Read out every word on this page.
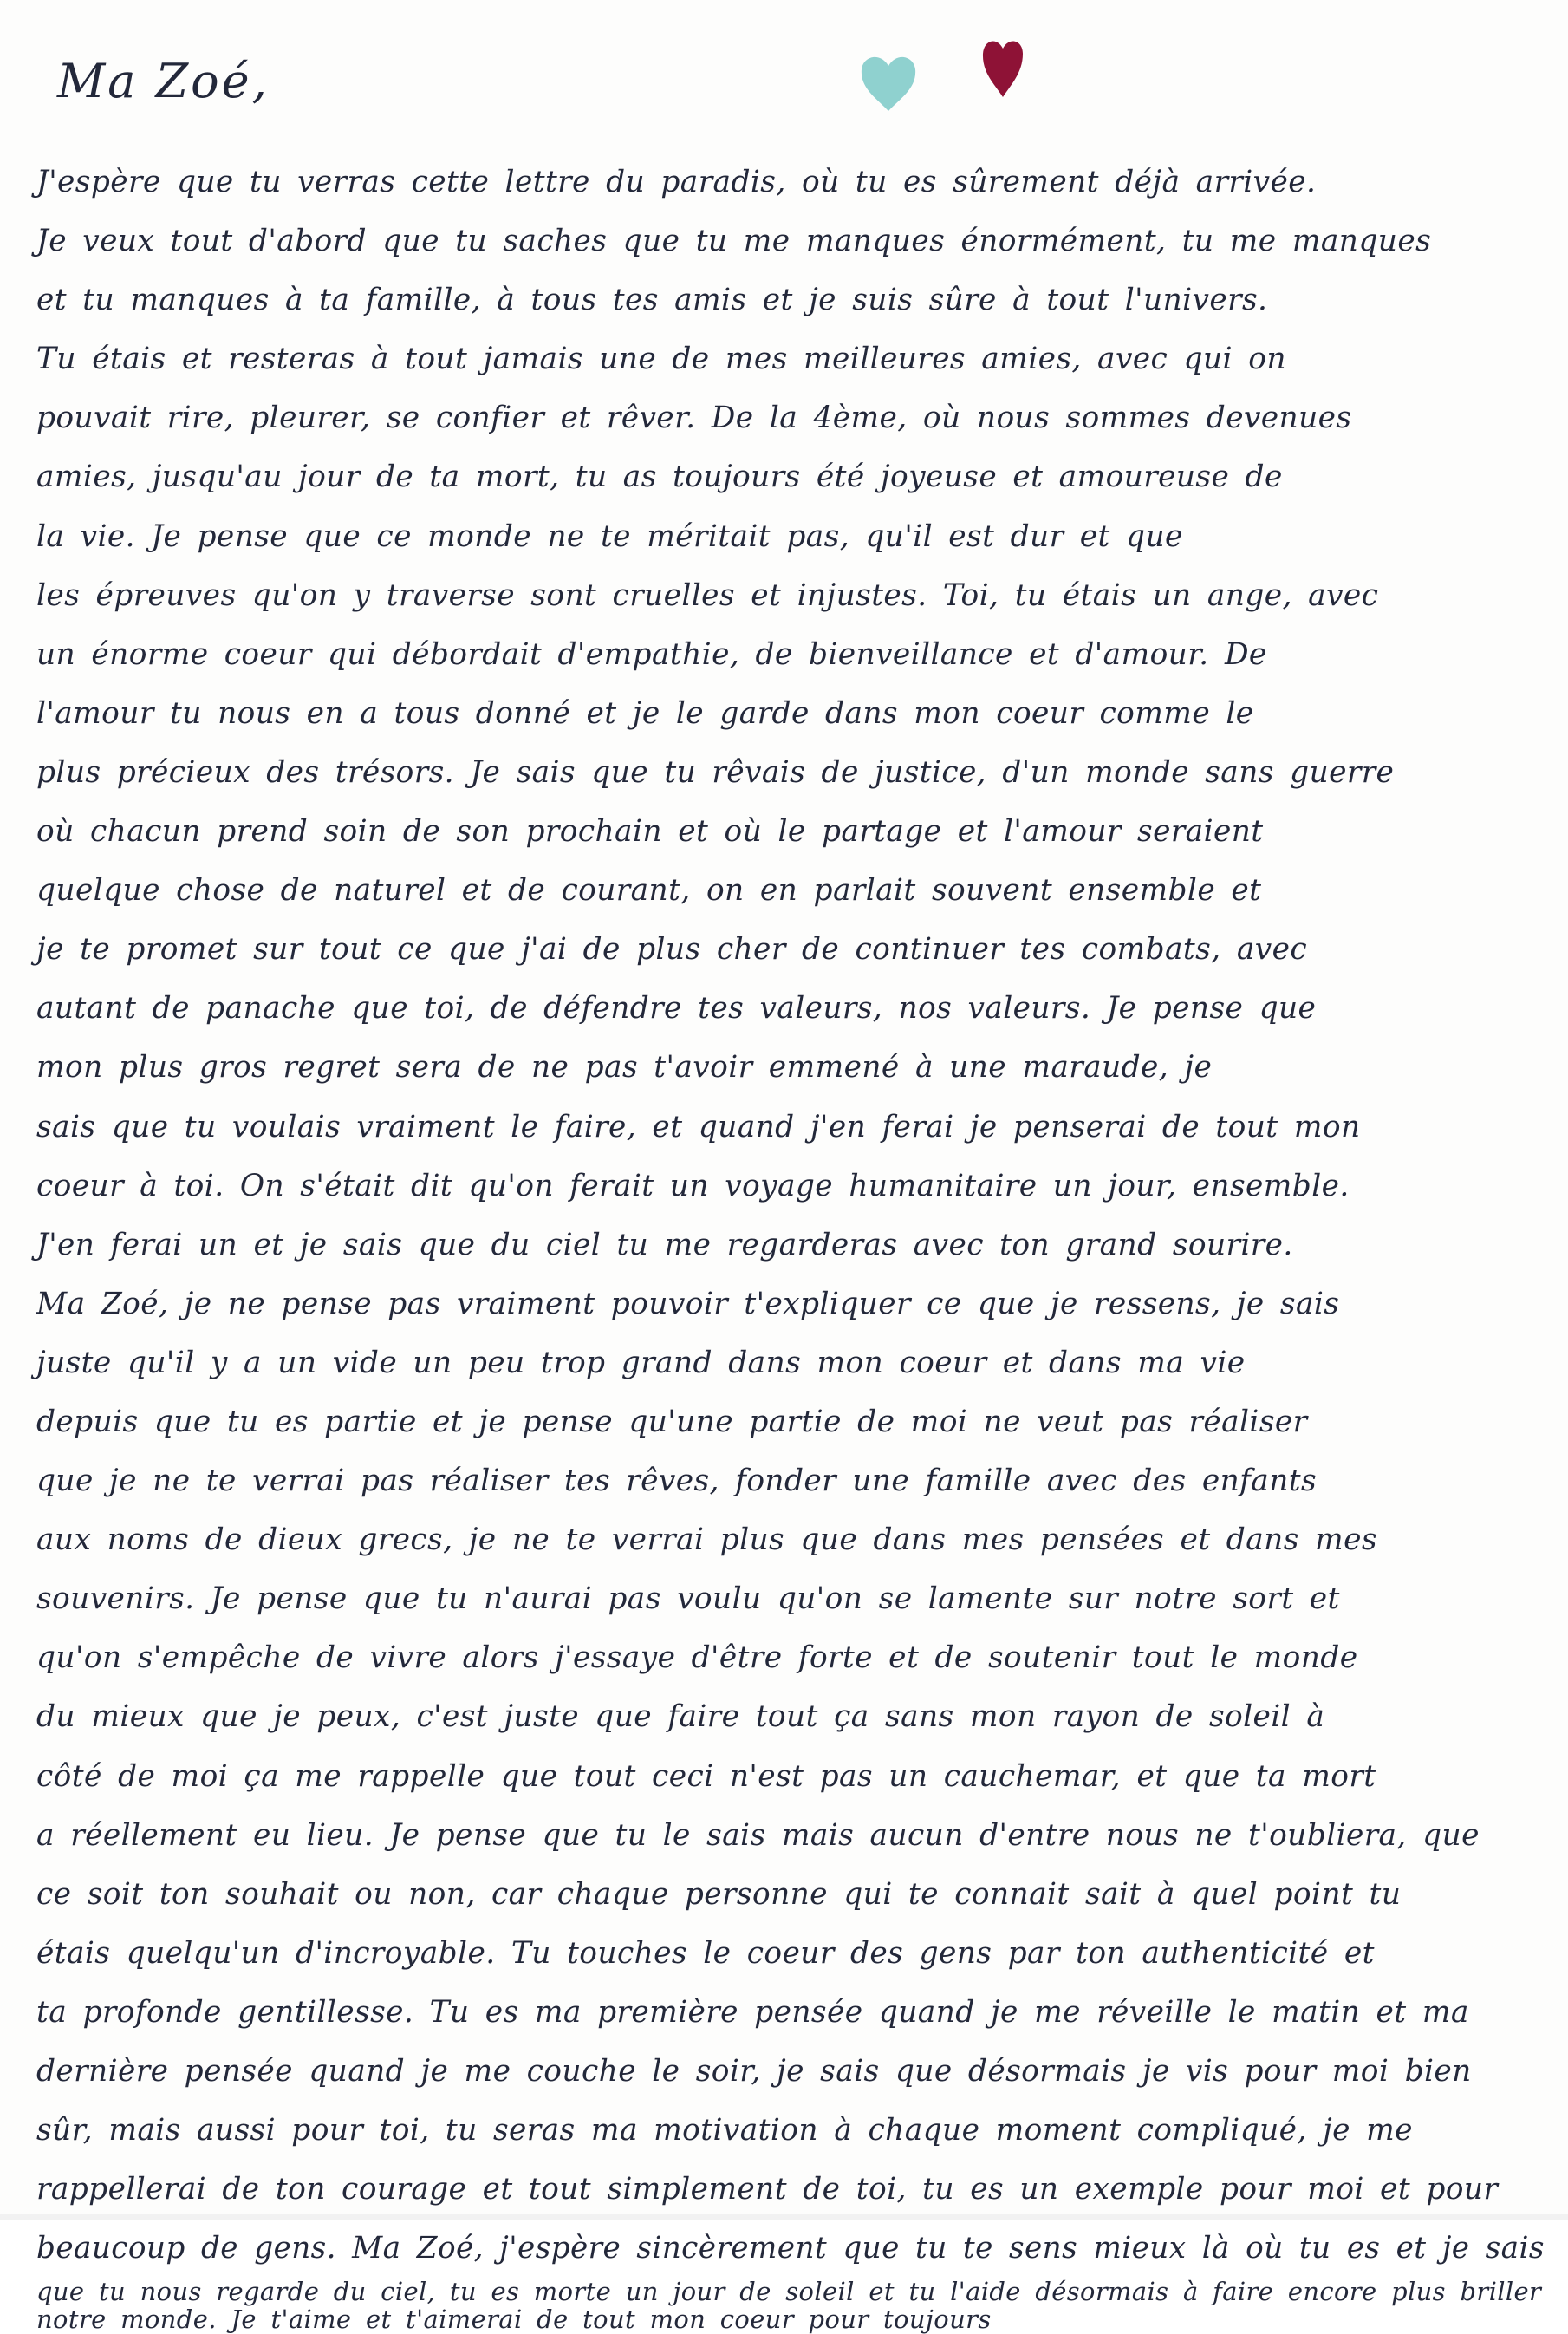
Ma Zoé,
J'espère que tu verras cette lettre du paradis, où tu es sûrement déjà arrivée.
Je veux tout d'abord que tu saches que tu me manques énormément, tu me manques
et tu manques à ta famille, à tous tes amis et je suis sûre à tout l'univers.
Tu étais et resteras à tout jamais une de mes meilleures amies, avec qui on
pouvait rire, pleurer, se confier et rêver. De la 4ème, où nous sommes devenues
amies, jusqu'au jour de ta mort, tu as toujours été joyeuse et amoureuse de
la vie. Je pense que ce monde ne te méritait pas, qu'il est dur et que
les épreuves qu'on y traverse sont cruelles et injustes. Toi, tu étais un ange, avec
un énorme coeur qui débordait d'empathie, de bienveillance et d'amour. De
l'amour tu nous en a tous donné et je le garde dans mon coeur comme le
plus précieux des trésors. Je sais que tu rêvais de justice, d'un monde sans guerre
où chacun prend soin de son prochain et où le partage et l'amour seraient
quelque chose de naturel et de courant, on en parlait souvent ensemble et
je te promet sur tout ce que j'ai de plus cher de continuer tes combats, avec
autant de panache que toi, de défendre tes valeurs, nos valeurs. Je pense que
mon plus gros regret sera de ne pas t'avoir emmené à une maraude, je
sais que tu voulais vraiment le faire, et quand j'en ferai je penserai de tout mon
coeur à toi. On s'était dit qu'on ferait un voyage humanitaire un jour, ensemble.
J'en ferai un et je sais que du ciel tu me regarderas avec ton grand sourire.
Ma Zoé, je ne pense pas vraiment pouvoir t'expliquer ce que je ressens, je sais
juste qu'il y a un vide un peu trop grand dans mon coeur et dans ma vie
depuis que tu es partie et je pense qu'une partie de moi ne veut pas réaliser
que je ne te verrai pas réaliser tes rêves, fonder une famille avec des enfants
aux noms de dieux grecs, je ne te verrai plus que dans mes pensées et dans mes
souvenirs. Je pense que tu n'aurai pas voulu qu'on se lamente sur notre sort et
qu'on s'empêche de vivre alors j'essaye d'être forte et de soutenir tout le monde
du mieux que je peux, c'est juste que faire tout ça sans mon rayon de soleil à
côté de moi ça me rappelle que tout ceci n'est pas un cauchemar, et que ta mort
a réellement eu lieu. Je pense que tu le sais mais aucun d'entre nous ne t'oubliera, que
ce soit ton souhait ou non, car chaque personne qui te connait sait à quel point tu
étais quelqu'un d'incroyable. Tu touches le coeur des gens par ton authenticité et
ta profonde gentillesse. Tu es ma première pensée quand je me réveille le matin et ma
dernière pensée quand je me couche le soir, je sais que désormais je vis pour moi bien
sûr, mais aussi pour toi, tu seras ma motivation à chaque moment compliqué, je me
rappellerai de ton courage et tout simplement de toi, tu es un exemple pour moi et pour
beaucoup de gens. Ma Zoé, j'espère sincèrement que tu te sens mieux là où tu es et je sais
que tu nous regarde du ciel, tu es morte un jour de soleil et tu l'aide désormais à faire encore plus briller
notre monde. Je t'aime et t'aimerai de tout mon coeur pour toujours
